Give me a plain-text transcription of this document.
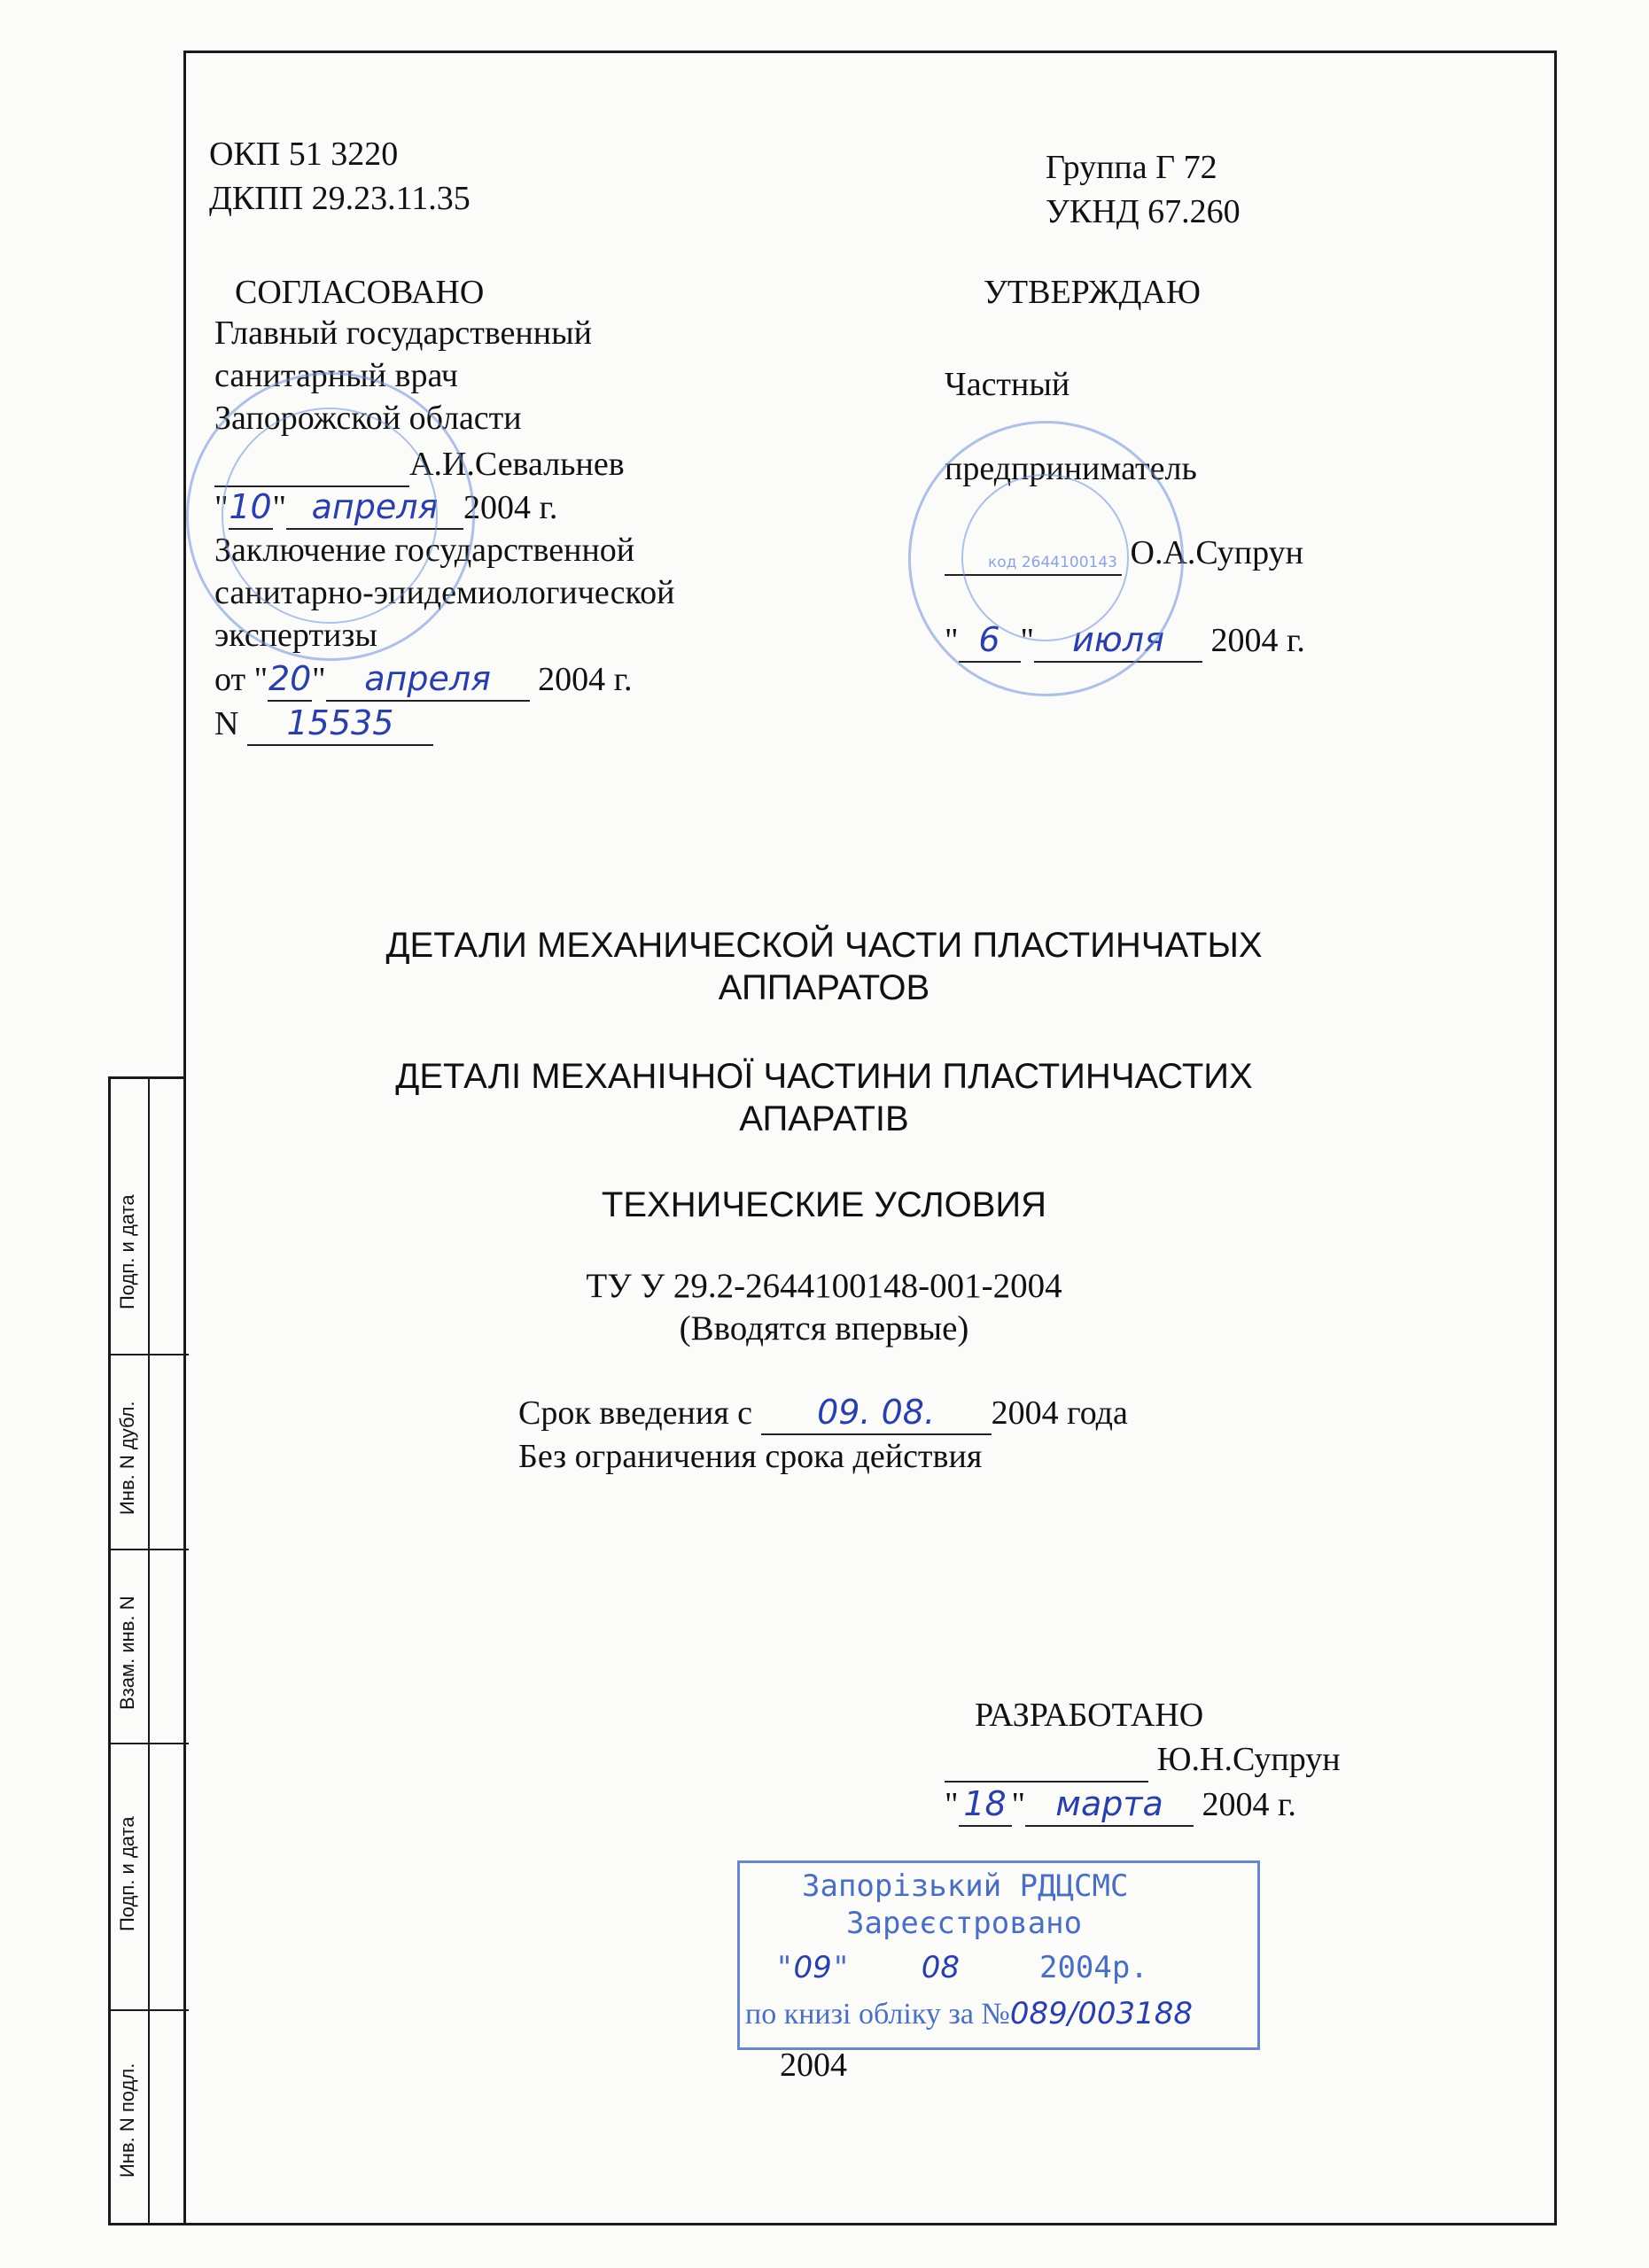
ОКП 51 3220
ДКПП 29.23.11.35
Группа Г 72
УКНД 67.260
СОГЛАСОВАНО
Главный государственный
санитарный врач
Запорожской области
А.И.Севальнев
"10" апреля 2004 г.
Заключение государственной
санитарно-эпидемиологической
экспертизы
от "20" апреля 2004 г.
N 15535
УТВЕРЖДАЮ
Частный
предприниматель
О.А.Супрун
" 6 " июля 2004 г.
код 2644100143
ДЕТАЛИ МЕХАНИЧЕСКОЙ ЧАСТИ ПЛАСТИНЧАТЫХ
АППАРАТОВ
ДЕТАЛІ МЕХАНІЧНОЇ ЧАСТИНИ ПЛАСТИНЧАСТИХ
АПАРАТІВ
ТЕХНИЧЕСКИЕ УСЛОВИЯ
ТУ У 29.2-2644100148-001-2004
(Вводятся впервые)
Срок введения с 09. 08. 2004 года
Без ограничения срока действия
РАЗРАБОТАНО
Ю.Н.Супрун
" 18 " марта 2004 г.
Запорізький РДЦСМС
Зареєстровано
"09" 08	2004р.
по книзі обліку за №089/003188
2004
Подп. и дата
Инв. N дубл.
Взам. инв. N
Подп. и дата
Инв. N подл.
